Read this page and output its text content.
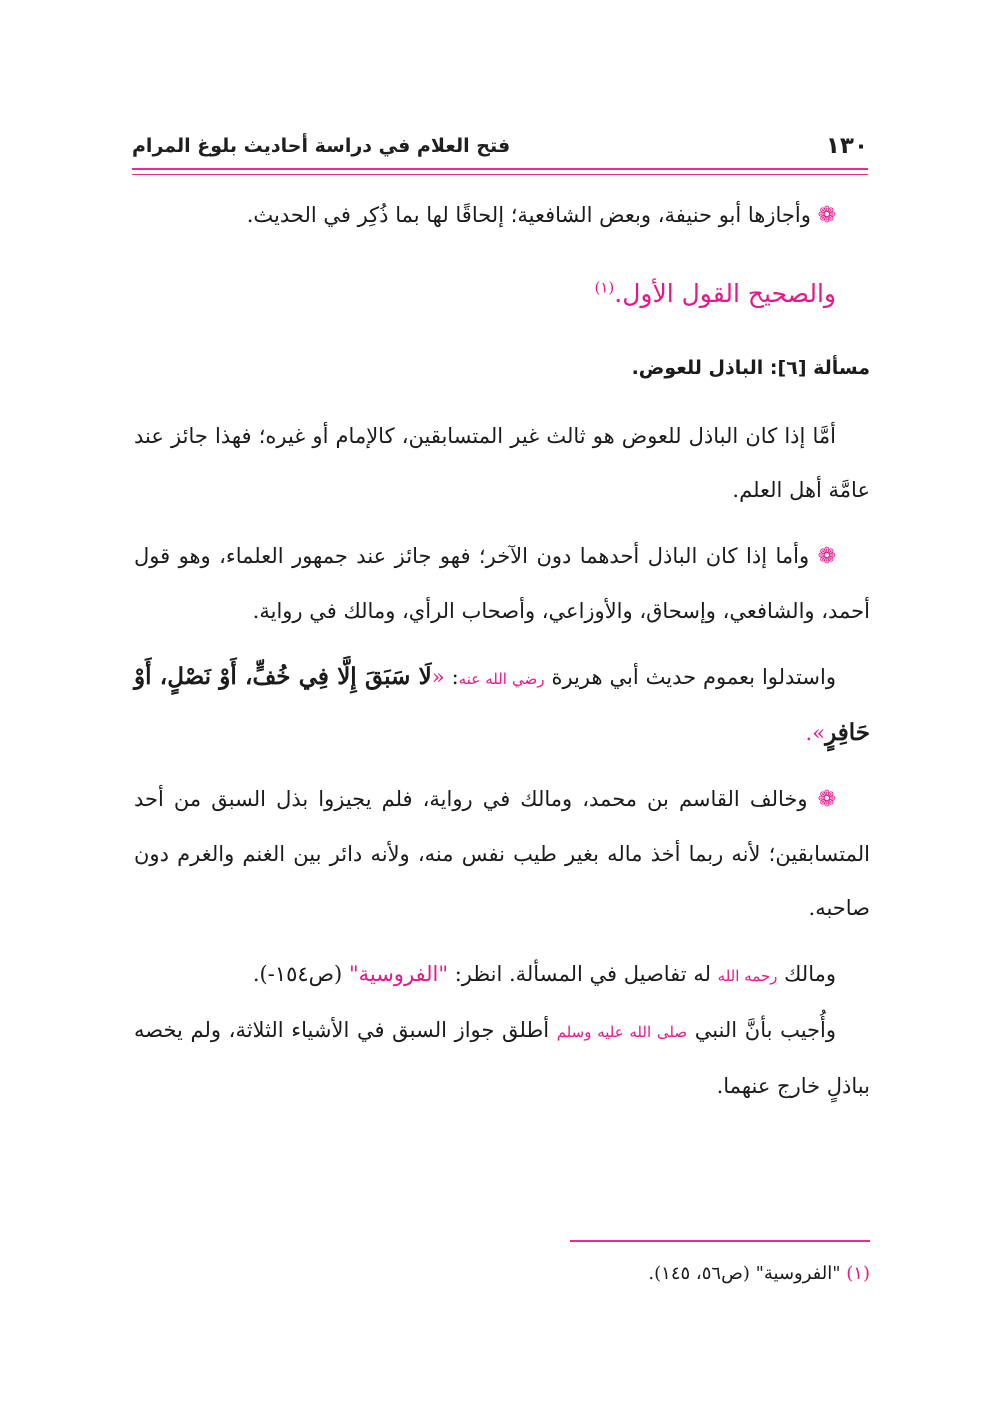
١٣٠
فتح العلام في دراسة أحاديث بلوغ المرام

❁ وأجازها أبو حنيفة، وبعض الشافعية؛ إلحاقًا لها بما ذُكِر في الحديث.

والصحيح القول الأول.$^{(١)}$

مسألة [٦]: الباذل للعوض.

أمَّا إذا كان الباذل للعوض هو ثالث غير المتسابقين، كالإمام أو غيره؛ فهذا جائز عند عامَّة أهل العلم.

❁ وأما إذا كان الباذل أحدهما دون الآخر؛ فهو جائز عند جمهور العلماء، وهو قول أحمد، والشافعي، وإسحاق، والأوزاعي، وأصحاب الرأي، ومالك في رواية.

واستدلوا بعموم حديث أبي هريرة رضي الله عنه: «لَا سَبَقَ إِلَّا فِي خُفٍّ، أَوْ نَصْلٍ، أَوْ حَافِرٍ».

❁ وخالف القاسم بن محمد، ومالك في رواية، فلم يجيزوا بذل السبق من أحد المتسابقين؛ لأنه ربما أخذ ماله بغير طيب نفس منه، ولأنه دائر بين الغنم والغرم دون صاحبه.

ومالك رحمه الله له تفاصيل في المسألة. انظر: "الفروسية" (ص١٥٤-).

وأُجيب بأنَّ النبي صلى الله عليه وسلم أطلق جواز السبق في الأشياء الثلاثة، ولم يخصه بباذلٍ خارج عنهما.

(١) "الفروسية" (ص٥٦، ١٤٥).
